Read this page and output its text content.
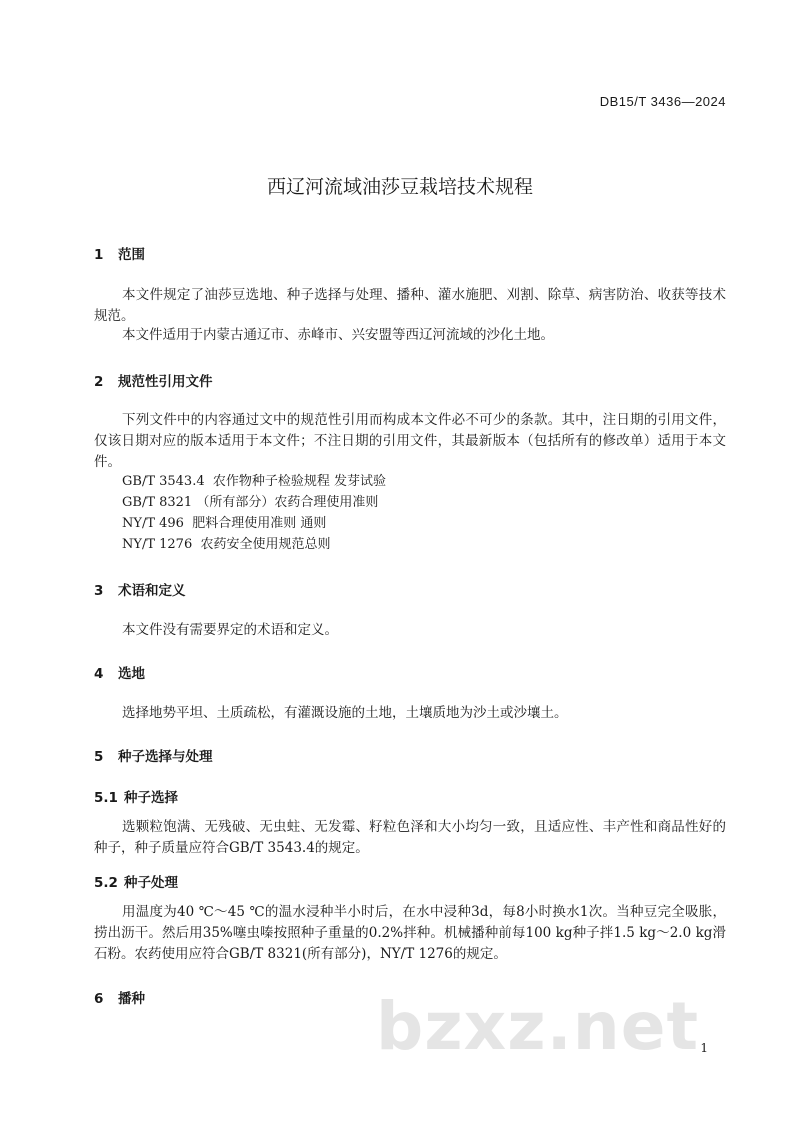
DB15/T 3436—2024
西辽河流域油莎豆栽培技术规程
1 范围
本文件规定了油莎豆选地、种子选择与处理、播种、灌水施肥、刈割、除草、病害防治、收获等技术规范。
本文件适用于内蒙古通辽市、赤峰市、兴安盟等西辽河流域的沙化土地。
2 规范性引用文件
下列文件中的内容通过文中的规范性引用而构成本文件必不可少的条款。其中，注日期的引用文件，仅该日期对应的版本适用于本文件；不注日期的引用文件，其最新版本（包括所有的修改单）适用于本文件。
GB/T 3543.4  农作物种子检验规程 发芽试验
GB/T 8321 （所有部分）农药合理使用准则
NY/T 496  肥料合理使用准则 通则
NY/T 1276  农药安全使用规范总则
3 术语和定义
本文件没有需要界定的术语和定义。
4 选地
选择地势平坦、土质疏松，有灌溉设施的土地，土壤质地为沙土或沙壤土。
5 种子选择与处理
5.1 种子选择
选颗粒饱满、无残破、无虫蛀、无发霉、籽粒色泽和大小均匀一致，且适应性、丰产性和商品性好的种子，种子质量应符合GB/T 3543.4的规定。
5.2 种子处理
用温度为40 ℃～45 ℃的温水浸种半小时后，在水中浸种3d，每8小时换水1次。当种豆完全吸胀，捞出沥干。然后用35%噻虫嗪按照种子重量的0.2%拌种。机械播种前每100 kg种子拌1.5 kg～2.0 kg滑石粉。农药使用应符合GB/T 8321(所有部分)，NY/T 1276的规定。
6 播种	bzxz.net 1
